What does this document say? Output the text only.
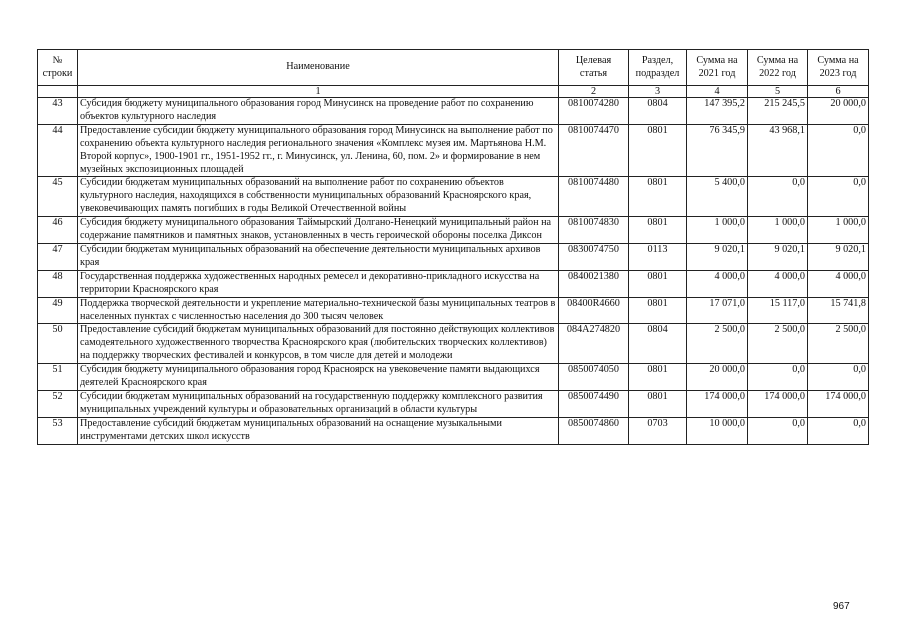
№ строки	Наименование	Целевая статья	Раздел, подраздел	Сумма на 2021 год	Сумма на 2022 год	Сумма на 2023 год
	1	2	3	4	5	6
43	Субсидия бюджету муниципального образования город Минусинск на проведение работ по сохранению объектов культурного наследия	0810074280	0804	147 395,2	215 245,5	20 000,0
44	Предоставление субсидии бюджету муниципального образования город Минусинск на выполнение работ по сохранению объекта культурного наследия регионального значения «Комплекс музея им. Мартьянова Н.М. Второй корпус», 1900-1901 гг., 1951-1952 гг., г. Минусинск, ул. Ленина, 60, пом. 2» и формирование в нем музейных экспозиционных площадей	0810074470	0801	76 345,9	43 968,1	0,0
45	Субсидии бюджетам муниципальных образований на выполнение работ по сохранению объектов культурного наследия, находящихся в собственности муниципальных образований Красноярского края, увековечивающих память погибших в годы Великой Отечественной войны	0810074480	0801	5 400,0	0,0	0,0
46	Субсидия бюджету муниципального образования Таймырский Долгано-Ненецкий муниципальный район на содержание памятников и памятных знаков, установленных в честь героической обороны поселка Диксон	0810074830	0801	1 000,0	1 000,0	1 000,0
47	Субсидии бюджетам муниципальных образований на обеспечение деятельности муниципальных архивов края	0830074750	0113	9 020,1	9 020,1	9 020,1
48	Государственная поддержка художественных народных ремесел и декоративно-прикладного искусства на территории Красноярского края	0840021380	0801	4 000,0	4 000,0	4 000,0
49	Поддержка творческой деятельности и укрепление материально-технической базы муниципальных театров в населенных пунктах с численностью населения до 300 тысяч человек	08400R4660	0801	17 071,0	15 117,0	15 741,8
50	Предоставление субсидий бюджетам муниципальных образований для постоянно действующих коллективов самодеятельного художественного творчества Красноярского края (любительских творческих коллективов) на поддержку творческих фестивалей и конкурсов, в том числе для детей и молодежи	084А274820	0804	2 500,0	2 500,0	2 500,0
51	Субсидия бюджету муниципального образования город Красноярск на увековечение памяти выдающихся деятелей Красноярского края	0850074050	0801	20 000,0	0,0	0,0
52	Субсидии бюджетам муниципальных образований на государственную поддержку комплексного развития муниципальных учреждений культуры и образовательных организаций в области культуры	0850074490	0801	174 000,0	174 000,0	174 000,0
53	Предоставление субсидий бюджетам муниципальных образований на оснащение музыкальными инструментами детских школ искусств	0850074860	0703	10 000,0	0,0	0,0
967
